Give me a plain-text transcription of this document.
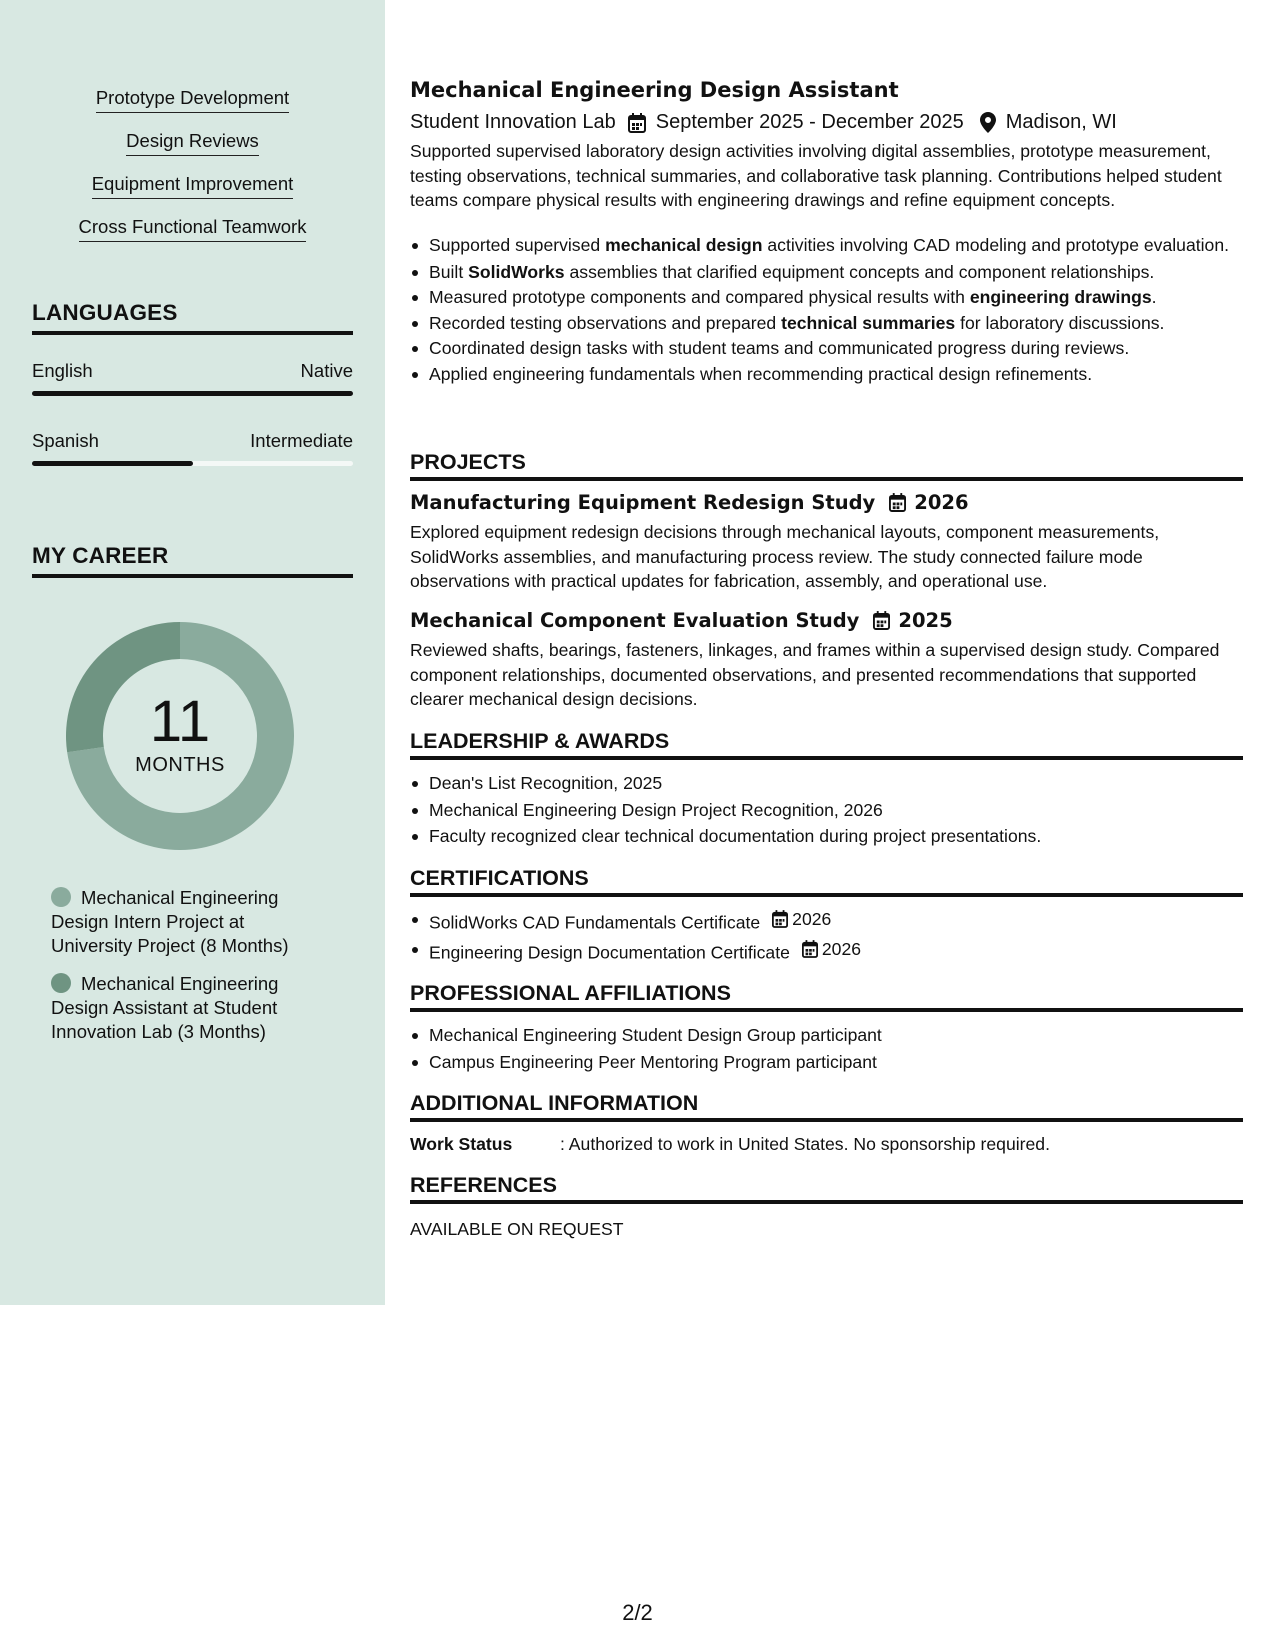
Prototype Development
Design Reviews
Equipment Improvement
Cross Functional Teamwork
LANGUAGES
English	Native
Spanish	Intermediate
MY CAREER
11
MONTHS
Mechanical Engineering Design Intern Project at University Project (8 Months)
Mechanical Engineering Design Assistant at Student Innovation Lab (3 Months)
Mechanical Engineering Design Assistant
Student Innovation Lab September 2025 - December 2025 Madison, WI
Supported supervised laboratory design activities involving digital assemblies, prototype measurement, testing observations, technical summaries, and collaborative task planning. Contributions helped student teams compare physical results with engineering drawings and refine equipment concepts.
Supported supervised mechanical design activities involving CAD modeling and prototype evaluation.
Built SolidWorks assemblies that clarified equipment concepts and component relationships.
Measured prototype components and compared physical results with engineering drawings.
Recorded testing observations and prepared technical summaries for laboratory discussions.
Coordinated design tasks with student teams and communicated progress during reviews.
Applied engineering fundamentals when recommending practical design refinements.
PROJECTS
Manufacturing Equipment Redesign Study 2026
Explored equipment redesign decisions through mechanical layouts, component measurements, SolidWorks assemblies, and manufacturing process review. The study connected failure mode observations with practical updates for fabrication, assembly, and operational use.
Mechanical Component Evaluation Study 2025
Reviewed shafts, bearings, fasteners, linkages, and frames within a supervised design study. Compared component relationships, documented observations, and presented recommendations that supported clearer mechanical design decisions.
LEADERSHIP & AWARDS
Dean's List Recognition, 2025
Mechanical Engineering Design Project Recognition, 2026
Faculty recognized clear technical documentation during project presentations.
CERTIFICATIONS
SolidWorks CAD Fundamentals Certificate 2026
Engineering Design Documentation Certificate 2026
PROFESSIONAL AFFILIATIONS
Mechanical Engineering Student Design Group participant
Campus Engineering Peer Mentoring Program participant
ADDITIONAL INFORMATION
Work Status	: Authorized to work in United States. No sponsorship required.
REFERENCES
AVAILABLE ON REQUEST
2/2
